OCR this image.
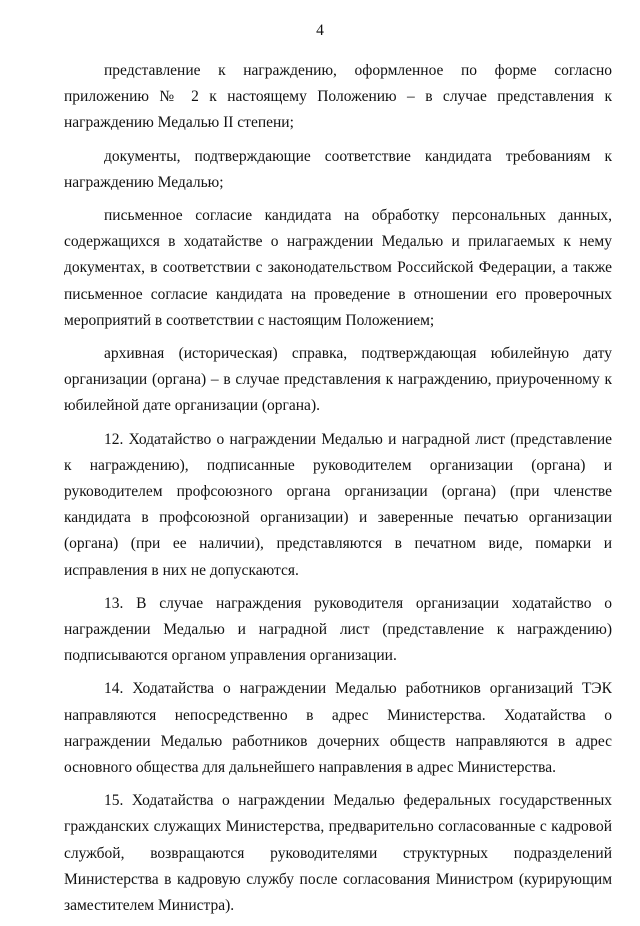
4

представление к награждению, оформленное по форме согласно приложению № 2 к настоящему Положению – в случае представления к награждению Медалью II степени;

документы, подтверждающие соответствие кандидата требованиям к награждению Медалью;

письменное согласие кандидата на обработку персональных данных, содержащихся в ходатайстве о награждении Медалью и прилагаемых к нему документах, в соответствии с законодательством Российской Федерации, а также письменное согласие кандидата на проведение в отношении его проверочных мероприятий в соответствии с настоящим Положением;

архивная (историческая) справка, подтверждающая юбилейную дату организации (органа) – в случае представления к награждению, приуроченному к юбилейной дате организации (органа).

12. Ходатайство о награждении Медалью и наградной лист (представление к награждению), подписанные руководителем организации (органа) и руководителем профсоюзного органа организации (органа) (при членстве кандидата в профсоюзной организации) и заверенные печатью организации (органа) (при ее наличии), представляются в печатном виде, помарки и исправления в них не допускаются.

13. В случае награждения руководителя организации ходатайство о награждении Медалью и наградной лист (представление к награждению) подписываются органом управления организации.

14. Ходатайства о награждении Медалью работников организаций ТЭК направляются непосредственно в адрес Министерства. Ходатайства о награждении Медалью работников дочерних обществ направляются в адрес основного общества для дальнейшего направления в адрес Министерства.

15. Ходатайства о награждении Медалью федеральных государственных гражданских служащих Министерства, предварительно согласованные с кадровой службой, возвращаются руководителями структурных подразделений Министерства в кадровую службу после согласования Министром (курирующим заместителем Министра).
